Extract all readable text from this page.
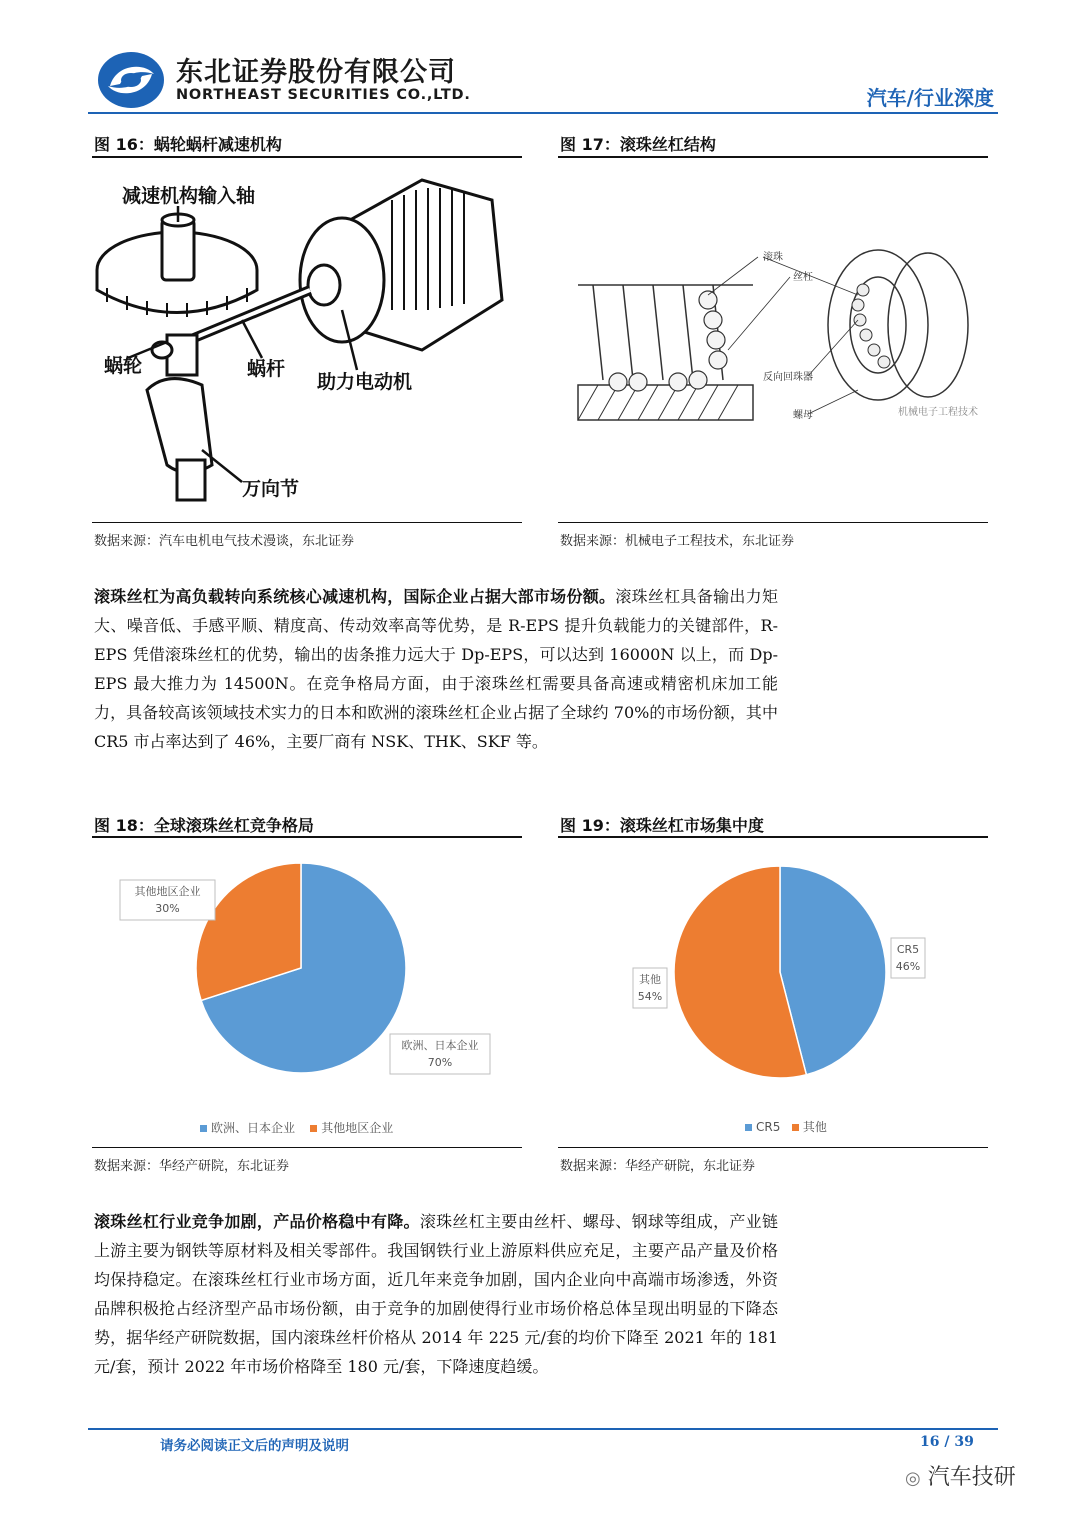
东北证券股份有限公司
NORTHEAST SECURITIES CO.,LTD.	汽车/行业深度
图 16：蜗轮蜗杆减速机构
减速机构输入轴
蜗轮	蜗杆
助力电动机
万向节
数据来源：汽车电机电气技术漫谈，东北证券
图 17：滚珠丝杠结构
滚珠
丝杠
反向回珠器
螺母	机械电子工程技术
数据来源：机械电子工程技术，东北证券
滚珠丝杠为高负载转向系统核心减速机构，国际企业占据大部市场份额。滚珠丝杠具备输出力矩大、噪音低、手感平顺、精度高、传动效率高等优势，是 R-EPS 提升负载能力的关键部件，R-EPS 凭借滚珠丝杠的优势，输出的齿条推力远大于 Dp-EPS，可以达到 16000N 以上，而 Dp-EPS 最大推力为 14500N。在竞争格局方面，由于滚珠丝杠需要具备高速或精密机床加工能力，具备较高该领域技术实力的日本和欧洲的滚珠丝杠企业占据了全球约 70%的市场份额，其中 CR5 市占率达到了 46%，主要厂商有 NSK、THK、SKF 等。
图 18：全球滚珠丝杠竞争格局
欧洲、日本企业
70%
其他地区企业
30%
欧洲、日本企业 其他地区企业
数据来源：华经产研院，东北证券
图 19：滚珠丝杠市场集中度
CR5
46%
其他
54%
CR5 其他
数据来源：华经产研院，东北证券
滚珠丝杠行业竞争加剧，产品价格稳中有降。滚珠丝杠主要由丝杆、螺母、钢球等组成，产业链上游主要为钢铁等原材料及相关零部件。我国钢铁行业上游原料供应充足，主要产品产量及价格均保持稳定。在滚珠丝杠行业市场方面，近几年来竞争加剧，国内企业向中高端市场渗透，外资品牌积极抢占经济型产品市场份额，由于竞争的加剧使得行业市场价格总体呈现出明显的下降态势，据华经产研院数据，国内滚珠丝杆价格从 2014 年 225 元/套的均价下降至 2021 年的 181 元/套，预计 2022 年市场价格降至 180 元/套，下降速度趋缓。
请务必阅读正文后的声明及说明	16 / 39
◎ 汽车技研
